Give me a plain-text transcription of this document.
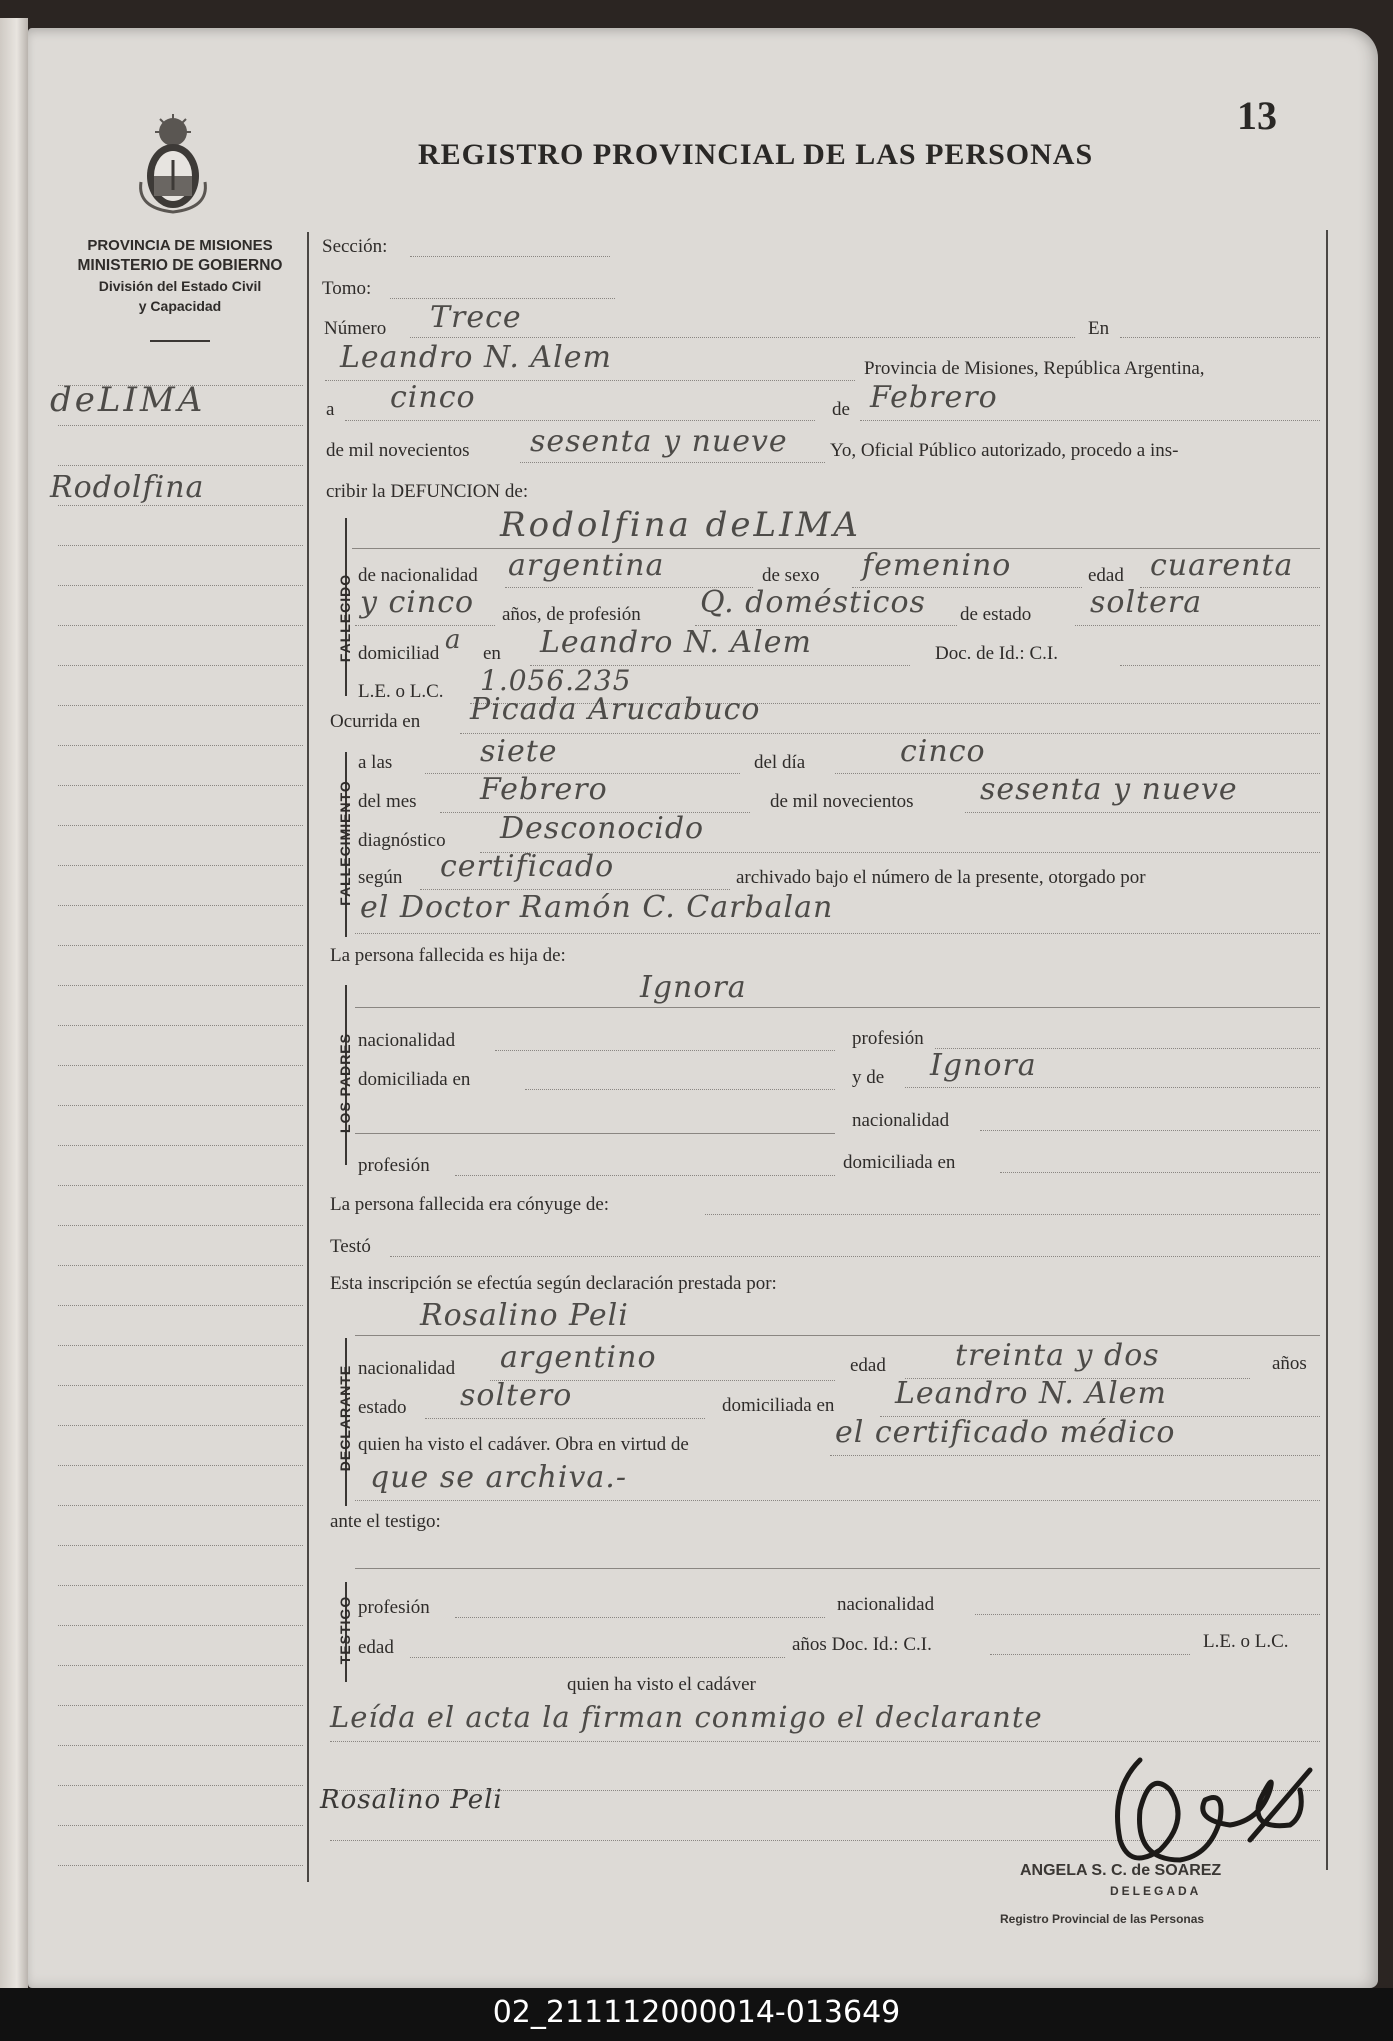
13
REGISTRO PROVINCIAL DE LAS PERSONAS
PROVINCIA DE MISIONES
MINISTERIO DE GOBIERNO
División del Estado Civil
y Capacidad
deLIMA
Rodolfina
Sección:
Tomo:
Número Trece	En
Leandro N. Alem	Provincia de Misiones, República Argentina,
a cinco	de Febrero
de mil novecientos sesenta y nueve Yo, Oficial Público autorizado, procedo a ins-
cribir la DEFUNCION de:
FALLECIDO
Rodolfina deLIMA
de nacionalidad argentina	de sexo femenino	edad cuarenta
y cinco años, de profesión Q. domésticos de estado soltera
domiciliad a en Leandro N. Alem	Doc. de Id.: C.I.
L.E. o L.C. 1.056.235
Ocurrida en Picada Arucabuco
FALLECIMIENTO
a las	siete	del día	cinco
del mes Febrero	de mil novecientos sesenta y nueve
diagnóstico Desconocido
según certificado	archivado bajo el número de la presente, otorgado por
el Doctor Ramón C. Carbalan
La persona fallecida es hija de:
LOS PADRES
Ignora
nacionalidad	profesión
domiciliada en	y de Ignora
nacionalidad
profesión	domiciliada en
La persona fallecida era cónyuge de:
Testó
Esta inscripción se efectúa según declaración prestada por:
DECLARANTE
Rosalino Peli
nacionalidad argentino	edad treinta y dos	años
estado soltero	domiciliada en Leandro N. Alem
quien ha visto el cadáver. Obra en virtud de	el certificado médico
que se archiva.-
ante el testigo:
TESTIGO profesión	nacionalidad
edad	años Doc. Id.: C.I.	L.E. o L.C.
quien ha visto el cadáver
Leída el acta la firman conmigo el declarante
Rosalino Peli
ANGELA S. C. de SOAREZ
DELEGADA
Registro Provincial de las Personas
02_211112000014-013649
